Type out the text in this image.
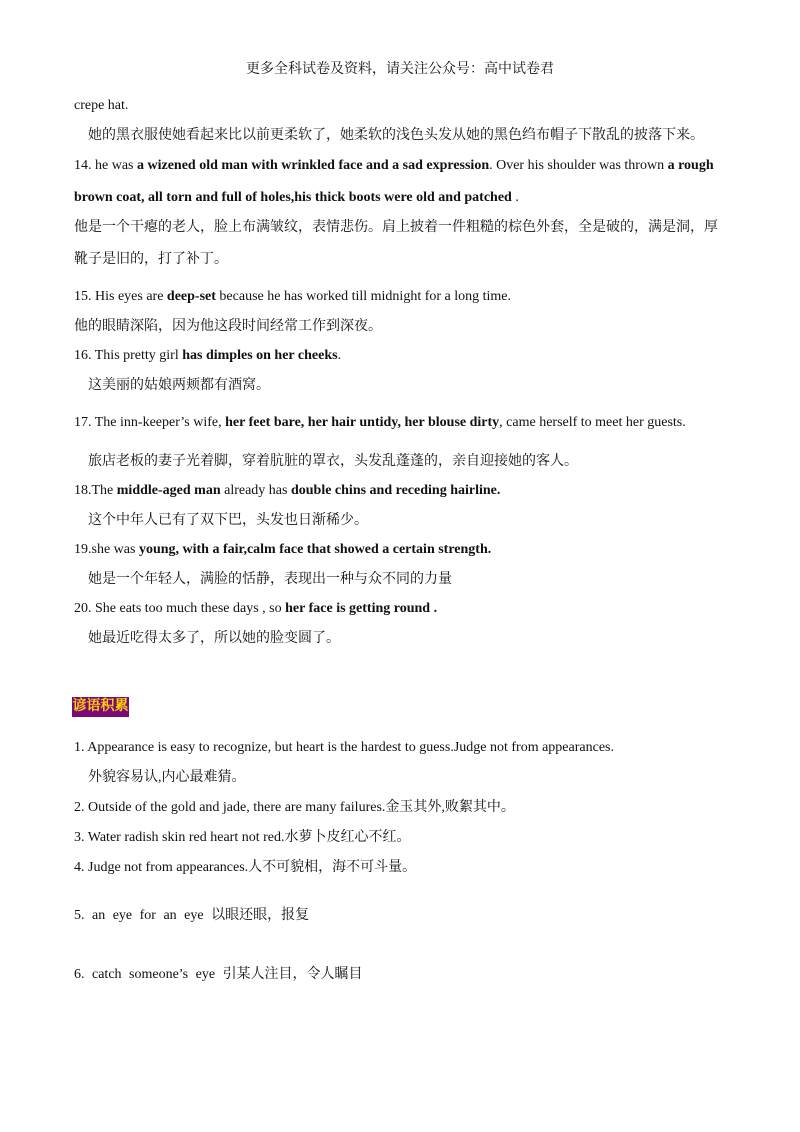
更多全科试卷及资料，请关注公众号：高中试卷君
crepe hat.
她的黑衣服使她看起来比以前更柔软了，她柔软的浅色头发从她的黑色绉布帽子下散乱的披落下来。
14. he was a wizened old man with wrinkled face and a sad expression. Over his shoulder was thrown a rough
brown coat, all torn and full of holes,his thick boots were old and patched .
他是一个干瘪的老人，脸上布满皱纹，表情悲伤。肩上披着一件粗糙的棕色外套，全是破的，满是洞，厚
靴子是旧的，打了补丁。
15. His eyes are deep-set because he has worked till midnight for a long time.
他的眼睛深陷，因为他这段时间经常工作到深夜。
16. This pretty girl has dimples on her cheeks.
这美丽的姑娘两颊都有酒窝。
17. The inn-keeper’s wife, her feet bare, her hair untidy, her blouse dirty, came herself to meet her guests.
旅店老板的妻子光着脚，穿着肮脏的罩衣，头发乱蓬蓬的，亲自迎接她的客人。
18.The middle-aged man already has double chins and receding hairline.
这个中年人已有了双下巴，头发也日渐稀少。
19.she was young, with a fair,calm face that showed a certain strength.
她是一个年轻人，满脸的恬静，表现出一种与众不同的力量
20. She eats too much these days , so her face is getting round .
她最近吃得太多了，所以她的脸变圆了。
谚语积累
1. Appearance is easy to recognize, but heart is the hardest to guess.Judge not from appearances.
外貌容易认,内心最难猜。
2. Outside of the gold and jade, there are many failures.金玉其外,败絮其中。
3. Water radish skin red heart not red.水萝卜皮红心不红。
4. Judge not from appearances.人不可貌相，海不可斗量。
5. an eye for an eye 以眼还眼，报复
6. catch someone’s eye 引某人注目，令人瞩目
